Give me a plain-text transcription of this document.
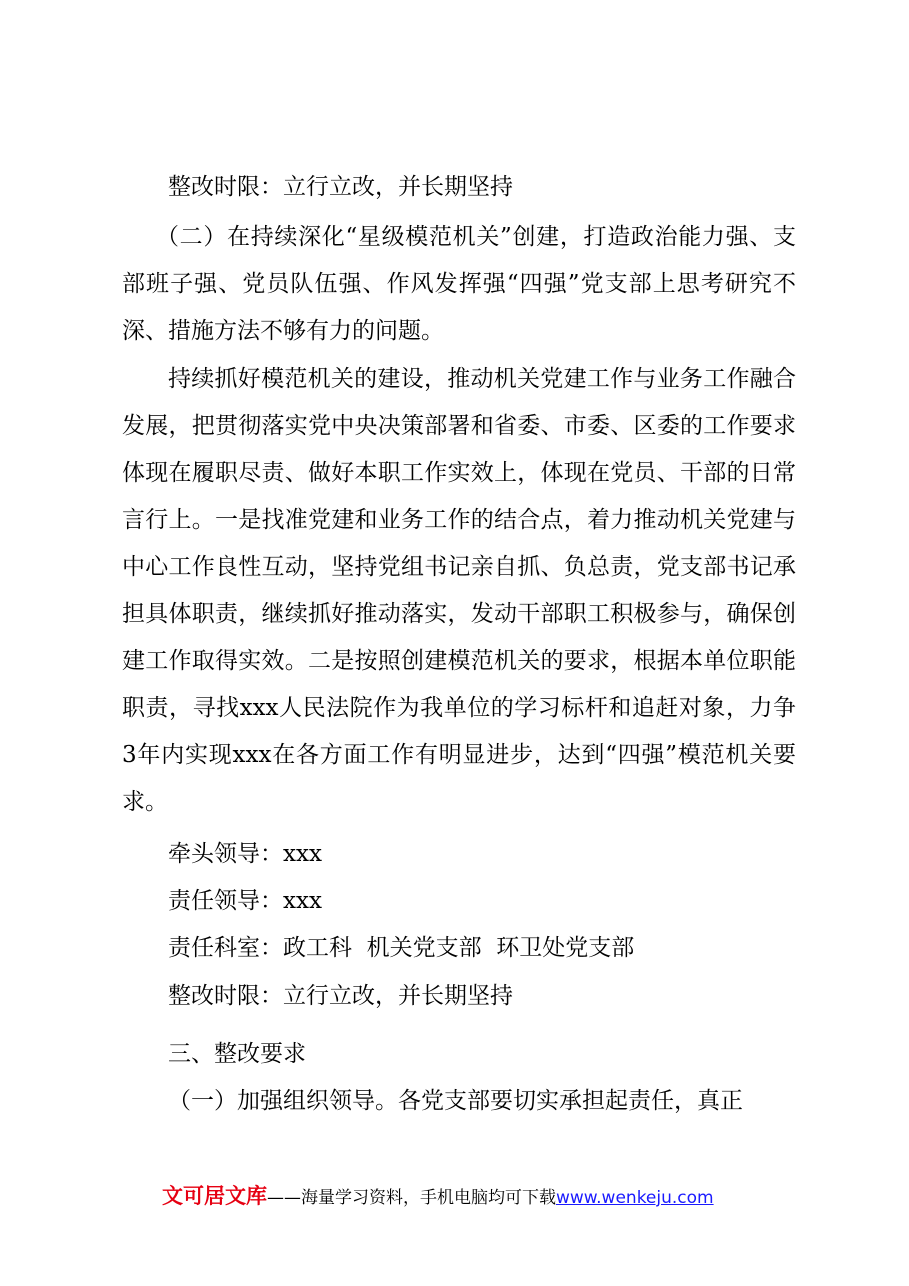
整改时限：立行立改，并长期坚持

（二）在持续深化“星级模范机关”创建，打造政治能力强、支部班子强、党员队伍强、作风发挥强“四强”党支部上思考研究不深、措施方法不够有力的问题。

持续抓好模范机关的建设，推动机关党建工作与业务工作融合发展，把贯彻落实党中央决策部署和省委、市委、区委的工作要求体现在履职尽责、做好本职工作实效上，体现在党员、干部的日常言行上。一是找准党建和业务工作的结合点，着力推动机关党建与中心工作良性互动，坚持党组书记亲自抓、负总责，党支部书记承担具体职责，继续抓好推动落实，发动干部职工积极参与，确保创建工作取得实效。二是按照创建模范机关的要求，根据本单位职能职责，寻找xxx人民法院作为我单位的学习标杆和追赶对象，力争3年内实现xxx在各方面工作有明显进步，达到“四强”模范机关要求。

牵头领导：xxx

责任领导：xxx

责任科室：政工科  机关党支部  环卫处党支部

整改时限：立行立改，并长期坚持

三、整改要求

（一）加强组织领导。各党支部要切实承担起责任，真正

文可居文库——海量学习资料，手机电脑均可下载www.wenkeju.com
